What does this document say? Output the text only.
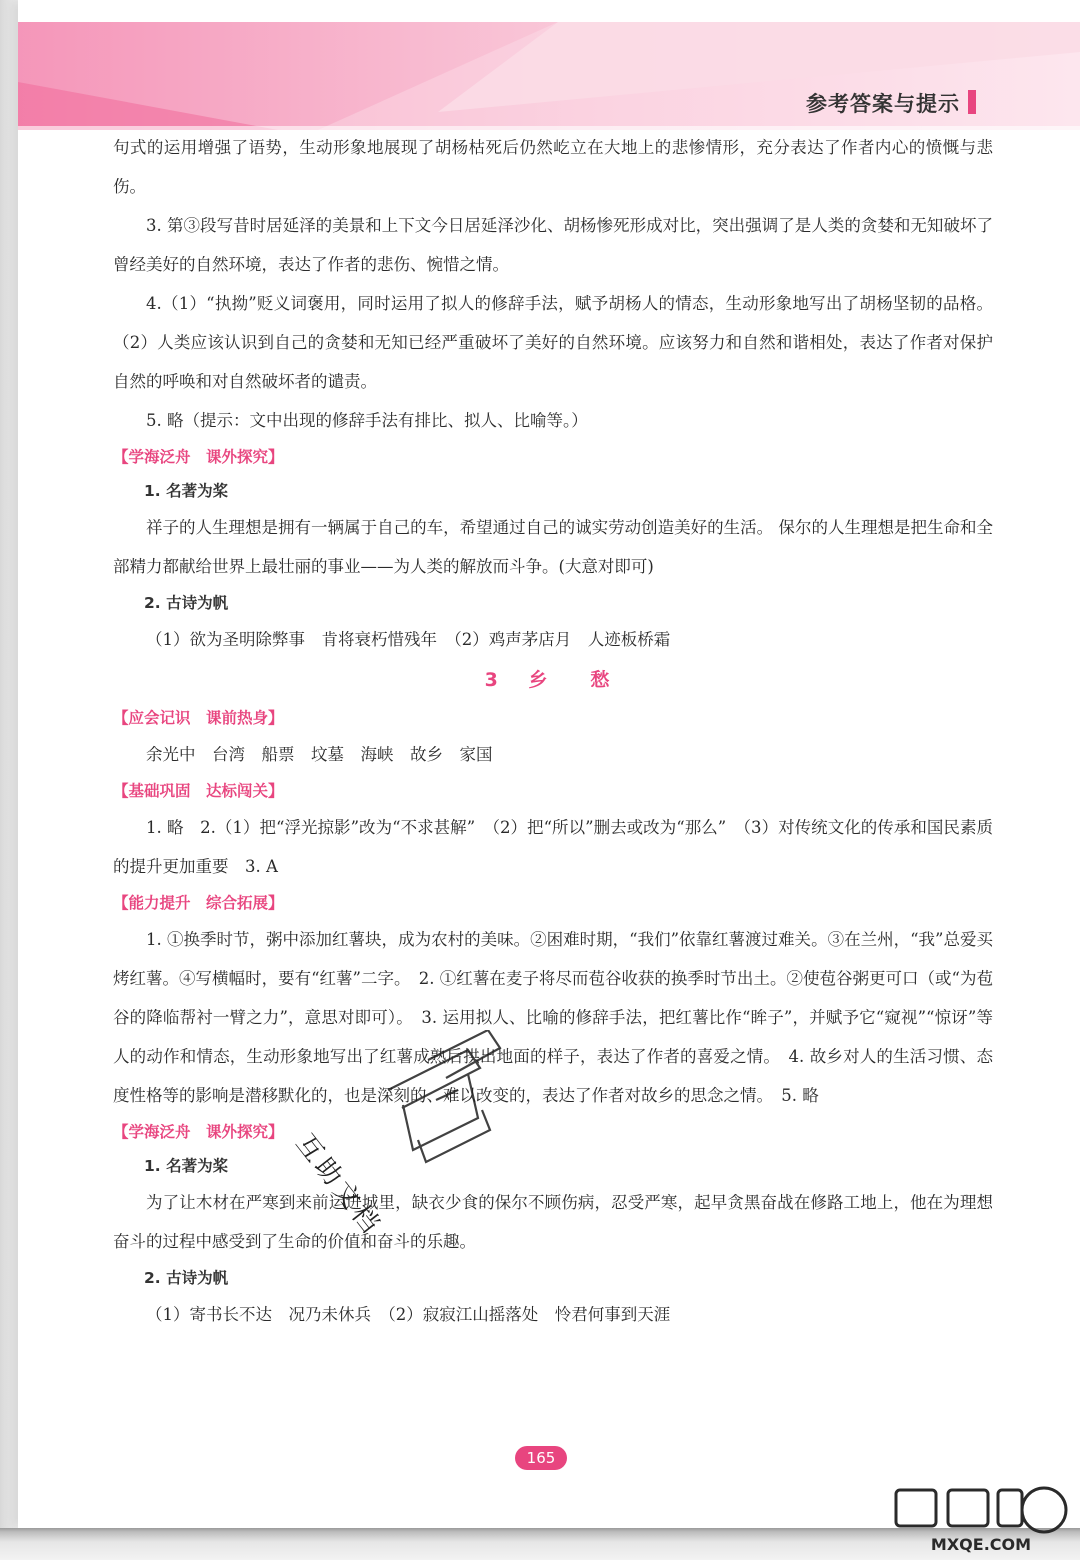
参考答案与提示

句式的运用增强了语势，生动形象地展现了胡杨枯死后仍然屹立在大地上的悲惨情形，充分表达了作者内心的愤慨与悲伤。

3. 第③段写昔时居延泽的美景和上下文今日居延泽沙化、胡杨惨死形成对比，突出强调了是人类的贪婪和无知破坏了曾经美好的自然环境，表达了作者的悲伤、惋惜之情。

4.（1）“执拗”贬义词褒用，同时运用了拟人的修辞手法，赋予胡杨人的情态，生动形象地写出了胡杨坚韧的品格。（2）人类应该认识到自己的贪婪和无知已经严重破坏了美好的自然环境。应该努力和自然和谐相处，表达了作者对保护自然的呼唤和对自然破坏者的谴责。

5. 略（提示：文中出现的修辞手法有排比、拟人、比喻等。）

【学海泛舟　课外探究】

1. 名著为桨

祥子的人生理想是拥有一辆属于自己的车，希望通过自己的诚实劳动创造美好的生活。 保尔的人生理想是把生命和全部精力都献给世界上最壮丽的事业——为人类的解放而斗争。(大意对即可)

2. 古诗为帆

（1）欲为圣明除弊事　肯将衰朽惜残年　（2）鸡声茅店月　人迹板桥霜

3 乡　愁

【应会记识　课前热身】

余光中　台湾　船票　坟墓　海峡　故乡　家国

【基础巩固　达标闯关】

1. 略　2.（1）把“浮光掠影”改为“不求甚解”　（2）把“所以”删去或改为“那么”　（3）对传统文化的传承和国民素质的提升更加重要　3. A

【能力提升　综合拓展】

1. ①换季时节，粥中添加红薯块，成为农村的美味。②困难时期，“我们”依靠红薯渡过难关。③在兰州，“我”总爱买烤红薯。④写横幅时，要有“红薯”二字。　2. ①红薯在麦子将尽而苞谷收获的换季时节出土。②使苞谷粥更可口（或“为苞谷的降临帮衬一臂之力”，意思对即可）。　3. 运用拟人、比喻的修辞手法，把红薯比作“眸子”，并赋予它“窥视”“惊讶”等人的动作和情态，生动形象地写出了红薯成熟后拱出地面的样子，表达了作者的喜爱之情。　4. 故乡对人的生活习惯、态度性格等的影响是潜移默化的，也是深刻的、难以改变的，表达了作者对故乡的思念之情。　5. 略

【学海泛舟　课外探究】

1. 名著为桨

为了让木材在严寒到来前运进城里，缺衣少食的保尔不顾伤病，忍受严寒，起早贪黑奋战在修路工地上，他在为理想奋斗的过程中感受到了生命的价值和奋斗的乐趣。

2. 古诗为帆

（1）寄书长不达　况乃未休兵　（2）寂寂江山摇落处　怜君何事到天涯

互助文档
165
MXQE.COM
